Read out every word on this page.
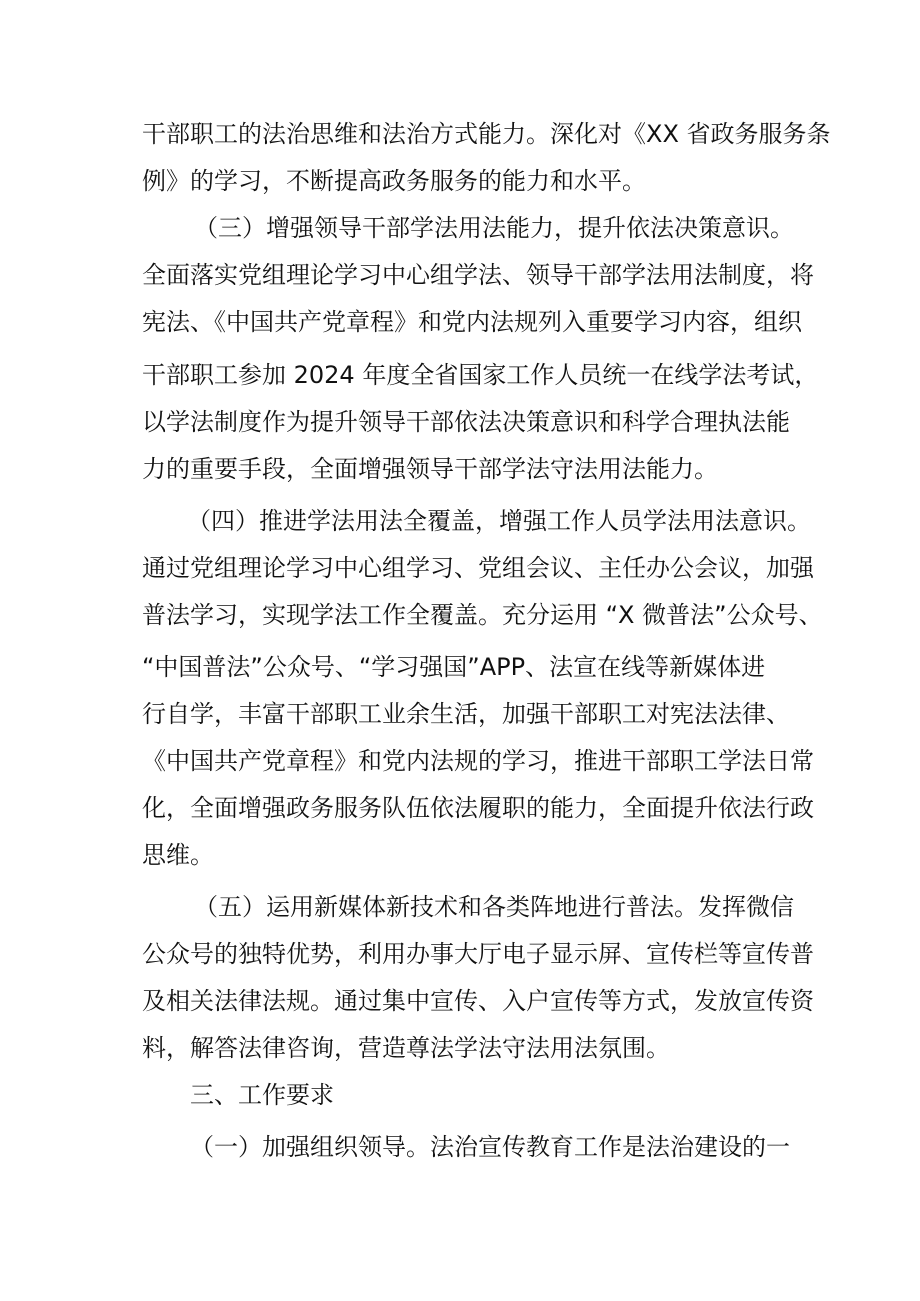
干部职工的法治思维和法治方式能力。深化对《XX 省政务服务条
例》的学习，不断提高政务服务的能力和水平。
（三）增强领导干部学法用法能力，提升依法决策意识。
全面落实党组理论学习中心组学法、领导干部学法用法制度，将
宪法、《中国共产党章程》和党内法规列入重要学习内容，组织
干部职工参加 2024 年度全省国家工作人员统一在线学法考试，
以学法制度作为提升领导干部依法决策意识和科学合理执法能
力的重要手段，全面增强领导干部学法守法用法能力。
（四）推进学法用法全覆盖，增强工作人员学法用法意识。
通过党组理论学习中心组学习、党组会议、主任办公会议，加强
普法学习，实现学法工作全覆盖。充分运用 “X 微普法”公众号、
“中国普法”公众号、“学习强国”APP、法宣在线等新媒体进
行自学，丰富干部职工业余生活，加强干部职工对宪法法律、
《中国共产党章程》和党内法规的学习，推进干部职工学法日常
化，全面增强政务服务队伍依法履职的能力，全面提升依法行政
思维。
（五）运用新媒体新技术和各类阵地进行普法。发挥微信
公众号的独特优势，利用办事大厅电子显示屏、宣传栏等宣传普
及相关法律法规。通过集中宣传、入户宣传等方式，发放宣传资
料，解答法律咨询，营造尊法学法守法用法氛围。
三、工作要求
（一）加强组织领导。法治宣传教育工作是法治建设的一
